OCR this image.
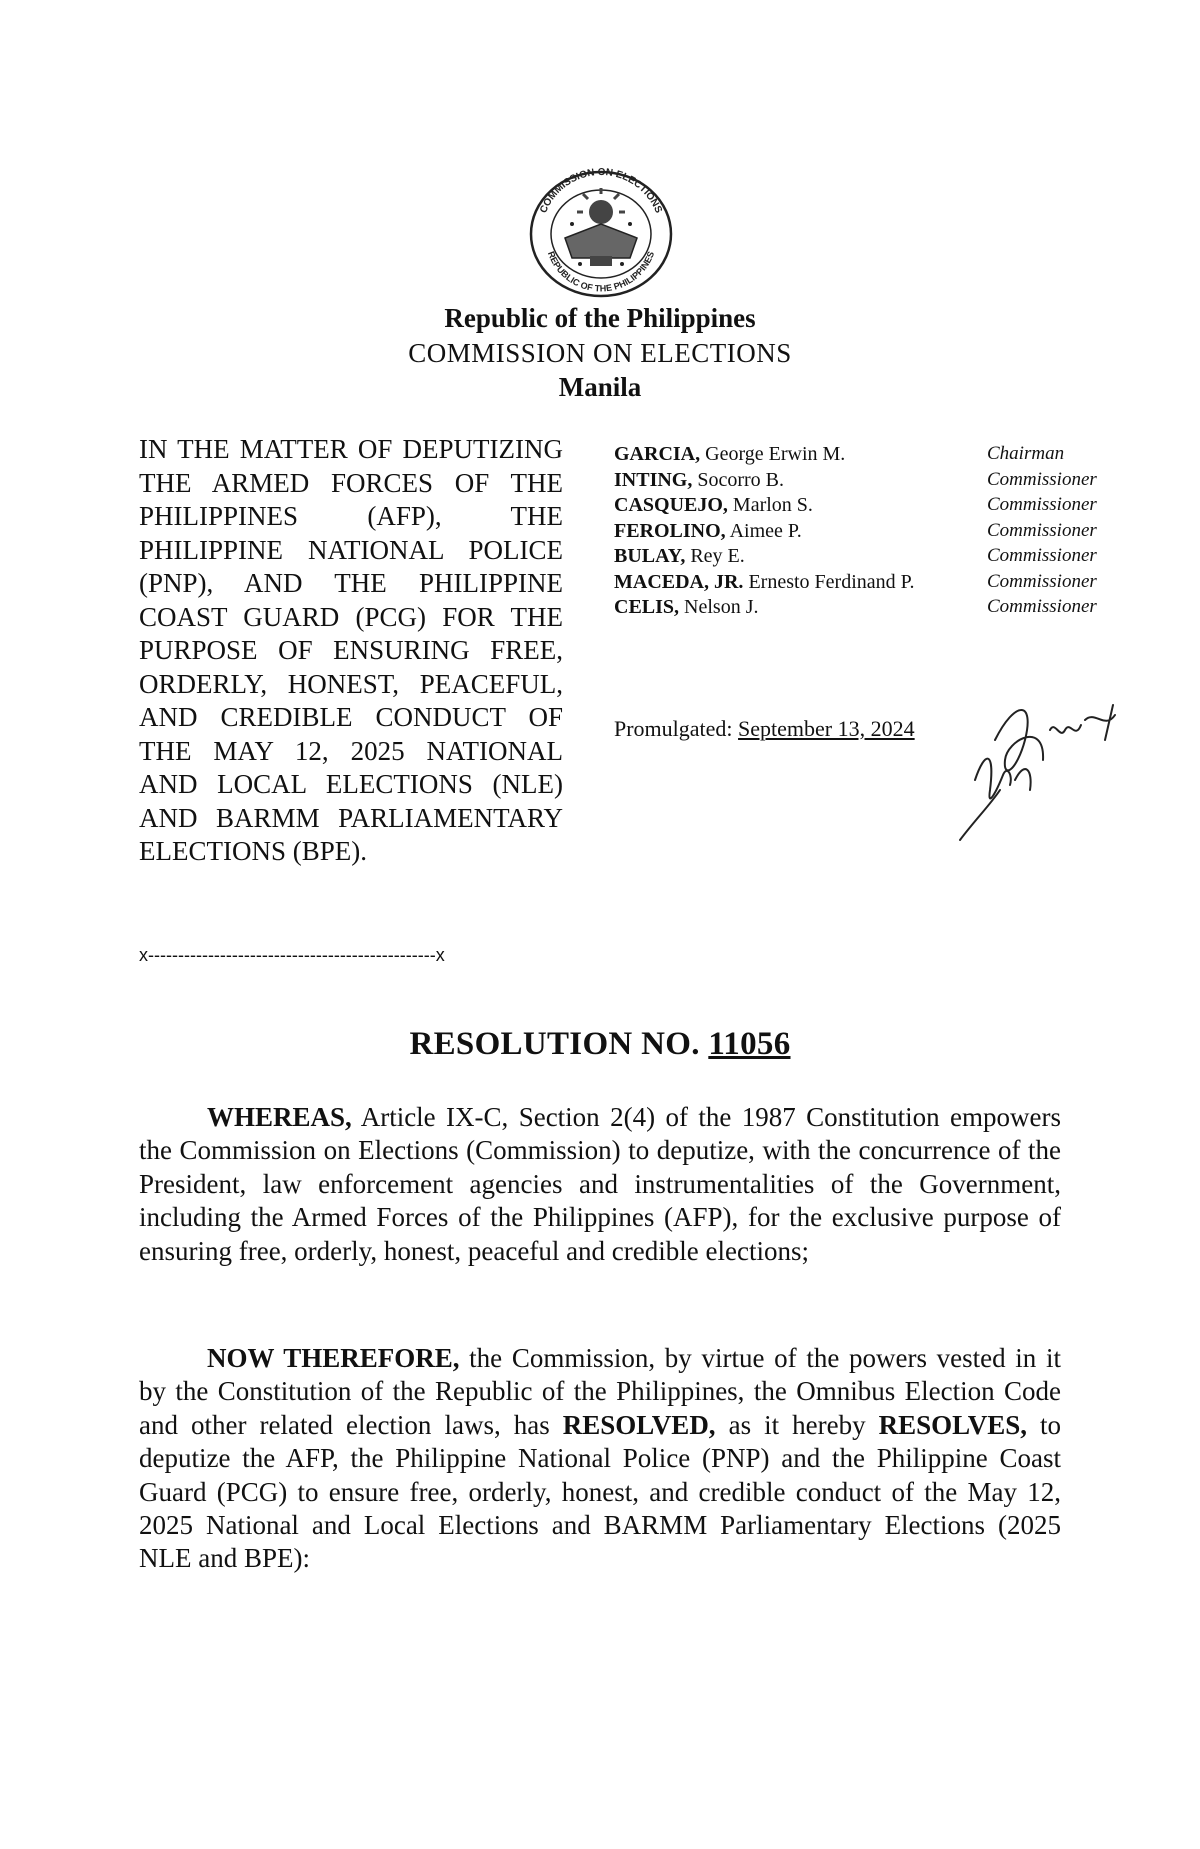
COMMISSION ON ELECTIONS
REPUBLIC OF THE PHILIPPINES
Republic of the Philippines
COMMISSION ON ELECTIONS
Manila
IN THE MATTER OF DEPUTIZING THE ARMED FORCES OF THE PHILIPPINES (AFP), THE PHILIPPINE NATIONAL POLICE (PNP), AND THE PHILIPPINE COAST GUARD (PCG) FOR THE PURPOSE OF ENSURING FREE, ORDERLY, HONEST, PEACEFUL, AND CREDIBLE CONDUCT OF THE MAY 12, 2025 NATIONAL AND LOCAL ELECTIONS (NLE) AND BARMM PARLIAMENTARY
ELECTIONS (BPE).
x------------------------------------------------x
GARCIA, George Erwin M.	Chairman
INTING, Socorro B.	Commissioner
CASQUEJO, Marlon S.	Commissioner
FEROLINO, Aimee P.	Commissioner
BULAY, Rey E.	Commissioner
MACEDA, JR. Ernesto Ferdinand P.	Commissioner
CELIS, Nelson J.	Commissioner
Promulgated: September 13, 2024
RESOLUTION NO. 11056
WHEREAS, Article IX-C, Section 2(4) of the 1987 Constitution empowers the Commission on Elections (Commission) to deputize, with the concurrence of the President, law enforcement agencies and instrumentalities of the Government, including the Armed Forces of the Philippines (AFP), for the exclusive purpose of ensuring free, orderly, honest, peaceful and credible elections;
NOW THEREFORE, the Commission, by virtue of the powers vested in it by the Constitution of the Republic of the Philippines, the Omnibus Election Code and other related election laws, has RESOLVED, as it hereby RESOLVES, to deputize the AFP, the Philippine National Police (PNP) and the Philippine Coast Guard (PCG) to ensure free, orderly, honest, and credible conduct of the May 12, 2025 National and Local Elections and BARMM Parliamentary Elections (2025 NLE and BPE):
